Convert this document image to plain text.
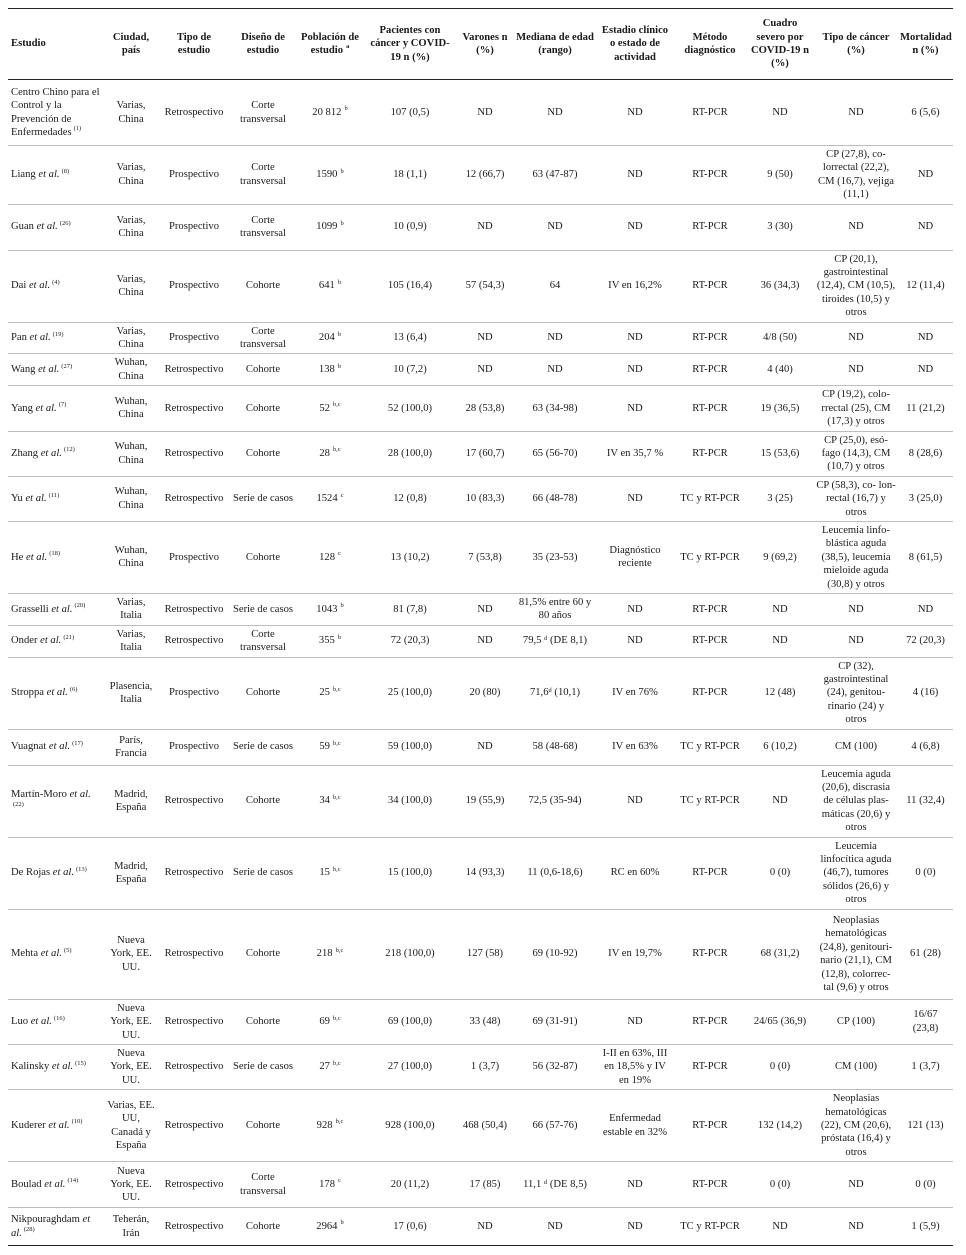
Estudio	Ciudad, país	Tipo de estudio	Diseño de estudio	Población de estudio $^a$	Pacientes con cáncer y COVID-19 n (%)	Varones n (%)	Mediana de edad (rango)	Estadio clínico o estado de actividad	Método diagnóstico	Cuadro severo por COVID-19 n (%)	Tipo de cáncer (%)	Mortalidad n (%)
Centro Chino para el Control y la Prevención de Enfermedades $^{(1)}$	Varias, China	Retrospectivo	Corte transversal	20 812 $^b$	107 (0,5)	ND	ND	ND	RT-PCR	ND	ND	6 (5,6)
Liang et al. $^{(8)}$	Varias, China	Prospectivo	Corte transversal	1590 $^b$	18 (1,1)	12 (66,7)	63 (47-87)	ND	RT-PCR	9 (50)	CP (27,8), co- lorrectal (22,2), CM (16,7), vejiga (11,1)	ND
Guan et al. $^{(26)}$	Varias, China	Prospectivo	Corte transversal	1099 $^b$	10 (0,9)	ND	ND	ND	RT-PCR	3 (30)	ND	ND
Dai et al. $^{(4)}$	Varias, China	Prospectivo	Cohorte	641 $^b$	105 (16,4)	57 (54,3)	64	IV en 16,2%	RT-PCR	36 (34,3)	CP (20,1), gastrointestinal (12,4), CM (10,5), tiroides (10,5) y otros	12 (11,4)
Pan et al. $^{(19)}$	Varias, China	Prospectivo	Corte transversal	204 $^b$	13 (6,4)	ND	ND	ND	RT-PCR	4/8 (50)	ND	ND
Wang et al. $^{(27)}$	Wuhan, China	Retrospectivo	Cohorte	138 $^b$	10 (7,2)	ND	ND	ND	RT-PCR	4 (40)	ND	ND
Yang et al. $^{(7)}$	Wuhan, China	Retrospectivo	Cohorte	52 $^{b,c}$	52 (100,0)	28 (53,8)	63 (34-98)	ND	RT-PCR	19 (36,5)	CP (19,2), colo- rrectal (25), CM (17,3) y otros	11 (21,2)
Zhang et al. $^{(12)}$	Wuhan, China	Retrospectivo	Cohorte	28 $^{b,c}$	28 (100,0)	17 (60,7)	65 (56-70)	IV en 35,7 %	RT-PCR	15 (53,6)	CP (25,0), esó- fago (14,3), CM (10,7) y otros	8 (28,6)
Yu et al. $^{(11)}$	Wuhan, China	Retrospectivo	Serie de casos	1524 $^c$	12 (0,8)	10 (83,3)	66 (48-78)	ND	TC y RT-PCR	3 (25)	CP (58,3), co- lon-rectal (16,7) y otros	3 (25,0)
He et al. $^{(18)}$	Wuhan, China	Prospectivo	Cohorte	128 $^c$	13 (10,2)	7 (53,8)	35 (23-53)	Diagnóstico reciente	TC y RT-PCR	9 (69,2)	Leucemia linfo- blástica aguda (38,5), leucemia mieloide aguda (30,8) y otros	8 (61,5)
Grasselli et al. $^{(20)}$	Varias, Italia	Retrospectivo	Serie de casos	1043 $^b$	81 (7,8)	ND	81,5% entre 60 y 80 años	ND	RT-PCR	ND	ND	ND
Onder et al. $^{(21)}$	Varias, Italia	Retrospectivo	Corte transversal	355 $^b$	72 (20,3)	ND	79,5 ᵈ (DE 8,1)	ND	RT-PCR	ND	ND	72 (20,3)
Stroppa et al. $^{(6)}$	Plasencia, Italia	Prospectivo	Cohorte	25 $^{b,c}$	25 (100,0)	20 (80)	71,6ᵈ (10,1)	IV en 76%	RT-PCR	12 (48)	CP (32), gastrointestinal (24), genitou- rinario (24) y otros	4 (16)
Vuagnat et al. $^{(17)}$	París, Francia	Prospectivo	Serie de casos	59 $^{b,c}$	59 (100,0)	ND	58 (48-68)	IV en 63%	TC y RT-PCR	6 (10,2)	CM (100)	4 (6,8)
Martín-Moro et al.$^{(22)}$	Madrid, España	Retrospectivo	Cohorte	34 $^{b,c}$	34 (100,0)	19 (55,9)	72,5 (35-94)	ND	TC y RT-PCR	ND	Leucemia aguda (20,6), discrasia de células plas- máticas (20,6) y otros	11 (32,4)
De Rojas et al. $^{(13)}$	Madrid, España	Retrospectivo	Serie de casos	15 $^{b,c}$	15 (100,0)	14 (93,3)	11 (0,6-18,6)	RC en 60%	RT-PCR	0 (0)	Leucemia linfocítica aguda (46,7), tumores sólidos (26,6) y otros	0 (0)
Mehta et al. $^{(5)}$	Nueva York, EE. UU.	Retrospectivo	Cohorte	218 $^{b,c}$	218 (100,0)	127 (58)	69 (10-92)	IV en 19,7%	RT-PCR	68 (31,2)	Neoplasias hematológicas (24,8), genitouri- nario (21,1), CM (12,8), colorrec- tal (9,6) y otros	61 (28)
Luo et al. $^{(16)}$	Nueva York, EE. UU.	Retrospectivo	Cohorte	69 $^{b,c}$	69 (100,0)	33 (48)	69 (31-91)	ND	RT-PCR	24/65 (36,9)	CP (100)	16/67 (23,8)
Kalinsky et al. $^{(15)}$	Nueva York, EE. UU.	Retrospectivo	Serie de casos	27 $^{b,c}$	27 (100,0)	1 (3,7)	56 (32-87)	I-II en 63%, III en 18,5% y IV en 19%	RT-PCR	0 (0)	CM (100)	1 (3,7)
Kuderer et al. $^{(10)}$	Varias, EE. UU, Canadá y España	Retrospectivo	Cohorte	928 $^{b,c}$	928 (100,0)	468 (50,4)	66 (57-76)	Enfermedad estable en 32%	RT-PCR	132 (14,2)	Neoplasias hematológicas (22), CM (20,6), próstata (16,4) y otros	121 (13)
Boulad et al. $^{(14)}$	Nueva York, EE. UU.	Retrospectivo	Corte transversal	178 $^c$	20 (11,2)	17 (85)	11,1 ᵈ (DE 8,5)	ND	RT-PCR	0 (0)	ND	0 (0)
Nikpouraghdam et al. $^{(28)}$	Teherán, Irán	Retrospectivo	Cohorte	2964 $^b$	17 (0,6)	ND	ND	ND	TC y RT-PCR	ND	ND	1 (5,9)
